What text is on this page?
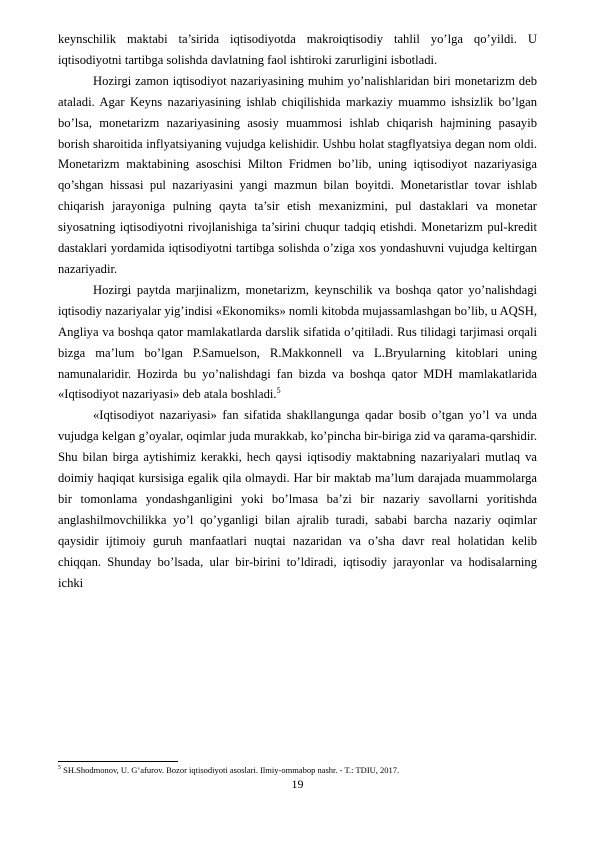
keynschilik maktabi ta’sirida iqtisodiyotda makroiqtisodiy tahlil yo’lga qo’yildi. U iqtisodiyotni tartibga solishda davlatning faol ishtiroki zarurligini isbotladi.

Hozirgi zamon iqtisodiyot nazariyasining muhim yo’nalishlaridan biri monetarizm deb ataladi. Agar Keyns nazariyasining ishlab chiqilishida markaziy muammo ishsizlik bo’lgan bo’lsa, monetarizm nazariyasining asosiy muammosi ishlab chiqarish hajmining pasayib borish sharoitida inflyatsiyaning vujudga kelishidir. Ushbu holat stagflyatsiya degan nom oldi. Monetarizm maktabining asoschisi Milton Fridmen bo’lib, uning iqtisodiyot nazariyasiga qo’shgan hissasi pul nazariyasini yangi mazmun bilan boyitdi. Monetaristlar tovar ishlab chiqarish jarayoniga pulning qayta ta’sir etish mexanizmini, pul dastaklari va monetar siyosatning iqtisodiyotni rivojlanishiga ta’sirini chuqur tadqiq etishdi. Monetarizm pul-kredit dastaklari yordamida iqtisodiyotni tartibga solishda o’ziga xos yondashuvni vujudga keltirgan nazariyadir.

Hozirgi paytda marjinalizm, monetarizm, keynschilik va boshqa qator yo’nalishdagi iqtisodiy nazariyalar yig’indisi «Ekonomiks» nomli kitobda mujassamlashgan bo’lib, u AQSH, Angliya va boshqa qator mamlakatlarda darslik sifatida o’qitiladi. Rus tilidagi tarjimasi orqali bizga ma’lum bo’lgan P.Samuelson, R.Makkonnell va L.Bryularning kitoblari uning namunalaridir. Hozirda bu yo’nalishdagi fan bizda va boshqa qator MDH mamlakatlarida «Iqtisodiyot nazariyasi» deb atala boshladi.$^5$

«Iqtisodiyot nazariyasi» fan sifatida shakllangunga qadar bosib o’tgan yo’l va unda vujudga kelgan g’oyalar, oqimlar juda murakkab, ko’pincha bir-biriga zid va qarama-qarshidir. Shu bilan birga aytishimiz kerakki, hech qaysi iqtisodiy maktabning nazariyalari mutlaq va doimiy haqiqat kursisiga egalik qila olmaydi. Har bir maktab ma’lum darajada muammolarga bir tomonlama yondashganligini yoki bo’lmasa ba’zi bir nazariy savollarni yoritishda anglashilmovchilikka yo’l qo’yganligi bilan ajralib turadi, sababi barcha nazariy oqimlar qaysidir ijtimoiy guruh manfaatlari nuqtai nazaridan va o’sha davr real holatidan kelib chiqqan. Shunday bo’lsada, ular bir-birini to’ldiradi, iqtisodiy jarayonlar va hodisalarning ichki

$^5$ SH.Shodmonov, U. G’afurov. Bozor iqtisodiyoti asoslari. Ilmiy-ommabop nashr. - T.: TDIU, 2017.
19
